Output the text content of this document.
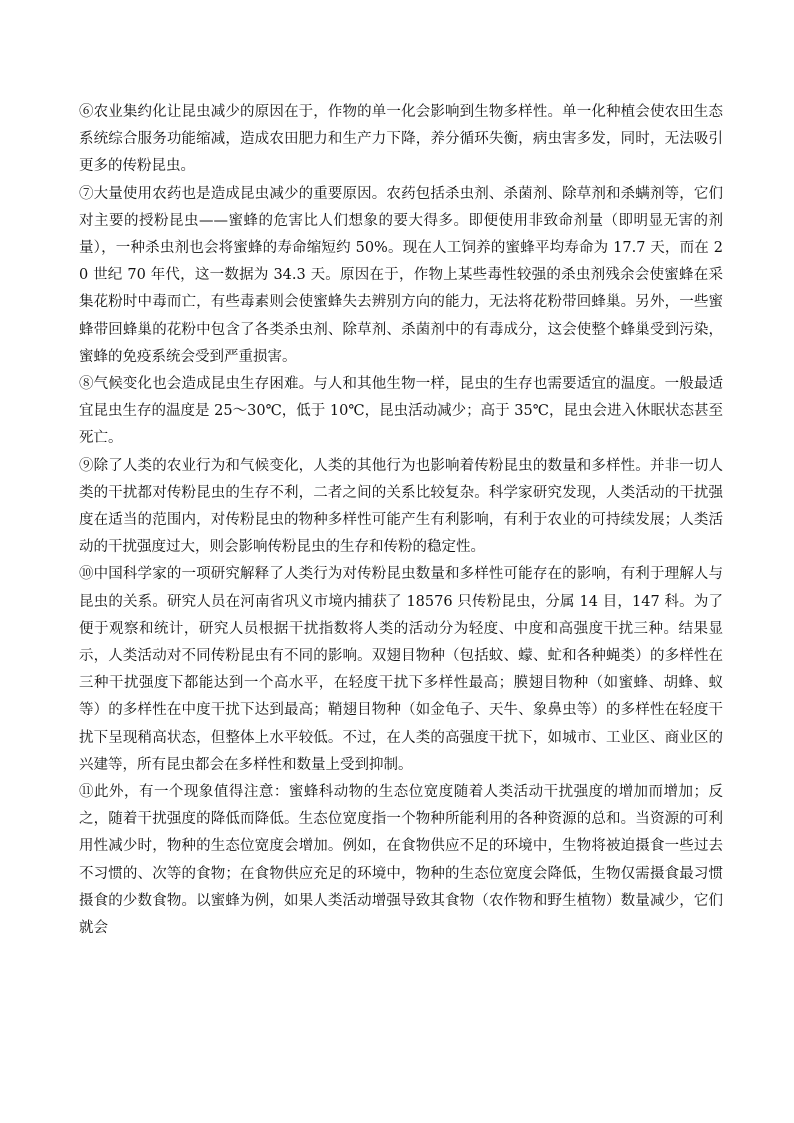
⑥农业集约化让昆虫减少的原因在于，作物的单一化会影响到生物多样性。单一化种植会使农田生态系统综合服务功能缩减，造成农田肥力和生产力下降，养分循环失衡，病虫害多发，同时，无法吸引更多的传粉昆虫。

⑦大量使用农药也是造成昆虫减少的重要原因。农药包括杀虫剂、杀菌剂、除草剂和杀螨剂等，它们对主要的授粉昆虫——蜜蜂的危害比人们想象的要大得多。即便使用非致命剂量（即明显无害的剂量），一种杀虫剂也会将蜜蜂的寿命缩短约 50%。现在人工饲养的蜜蜂平均寿命为 17.7 天，而在 20 世纪 70 年代，这一数据为 34.3 天。原因在于，作物上某些毒性较强的杀虫剂残余会使蜜蜂在采集花粉时中毒而亡，有些毒素则会使蜜蜂失去辨别方向的能力，无法将花粉带回蜂巢。另外，一些蜜蜂带回蜂巢的花粉中包含了各类杀虫剂、除草剂、杀菌剂中的有毒成分，这会使整个蜂巢受到污染，蜜蜂的免疫系统会受到严重损害。

⑧气候变化也会造成昆虫生存困难。与人和其他生物一样，昆虫的生存也需要适宜的温度。一般最适宜昆虫生存的温度是 25～30℃，低于 10℃，昆虫活动减少；高于 35℃，昆虫会进入休眠状态甚至死亡。

⑨除了人类的农业行为和气候变化，人类的其他行为也影响着传粉昆虫的数量和多样性。并非一切人类的干扰都对传粉昆虫的生存不利，二者之间的关系比较复杂。科学家研究发现，人类活动的干扰强度在适当的范围内，对传粉昆虫的物种多样性可能产生有利影响，有利于农业的可持续发展；人类活动的干扰强度过大，则会影响传粉昆虫的生存和传粉的稳定性。

⑩中国科学家的一项研究解释了人类行为对传粉昆虫数量和多样性可能存在的影响，有利于理解人与昆虫的关系。研究人员在河南省巩义市境内捕获了 18576 只传粉昆虫，分属 14 目，147 科。为了便于观察和统计，研究人员根据干扰指数将人类的活动分为轻度、中度和高强度干扰三种。结果显示，人类活动对不同传粉昆虫有不同的影响。双翅目物种（包括蚊、蠓、虻和各种蝇类）的多样性在三种干扰强度下都能达到一个高水平，在轻度干扰下多样性最高；膜翅目物种（如蜜蜂、胡蜂、蚁等）的多样性在中度干扰下达到最高；鞘翅目物种（如金龟子、天牛、象鼻虫等）的多样性在轻度干扰下呈现稍高状态，但整体上水平较低。不过，在人类的高强度干扰下，如城市、工业区、商业区的兴建等，所有昆虫都会在多样性和数量上受到抑制。

⑪此外，有一个现象值得注意：蜜蜂科动物的生态位宽度随着人类活动干扰强度的增加而增加；反之，随着干扰强度的降低而降低。生态位宽度指一个物种所能利用的各种资源的总和。当资源的可利用性减少时，物种的生态位宽度会增加。例如，在食物供应不足的环境中，生物将被迫摄食一些过去不习惯的、次等的食物；在食物供应充足的环境中，物种的生态位宽度会降低，生物仅需摄食最习惯摄食的少数食物。以蜜蜂为例，如果人类活动增强导致其食物（农作物和野生植物）数量减少，它们就会
